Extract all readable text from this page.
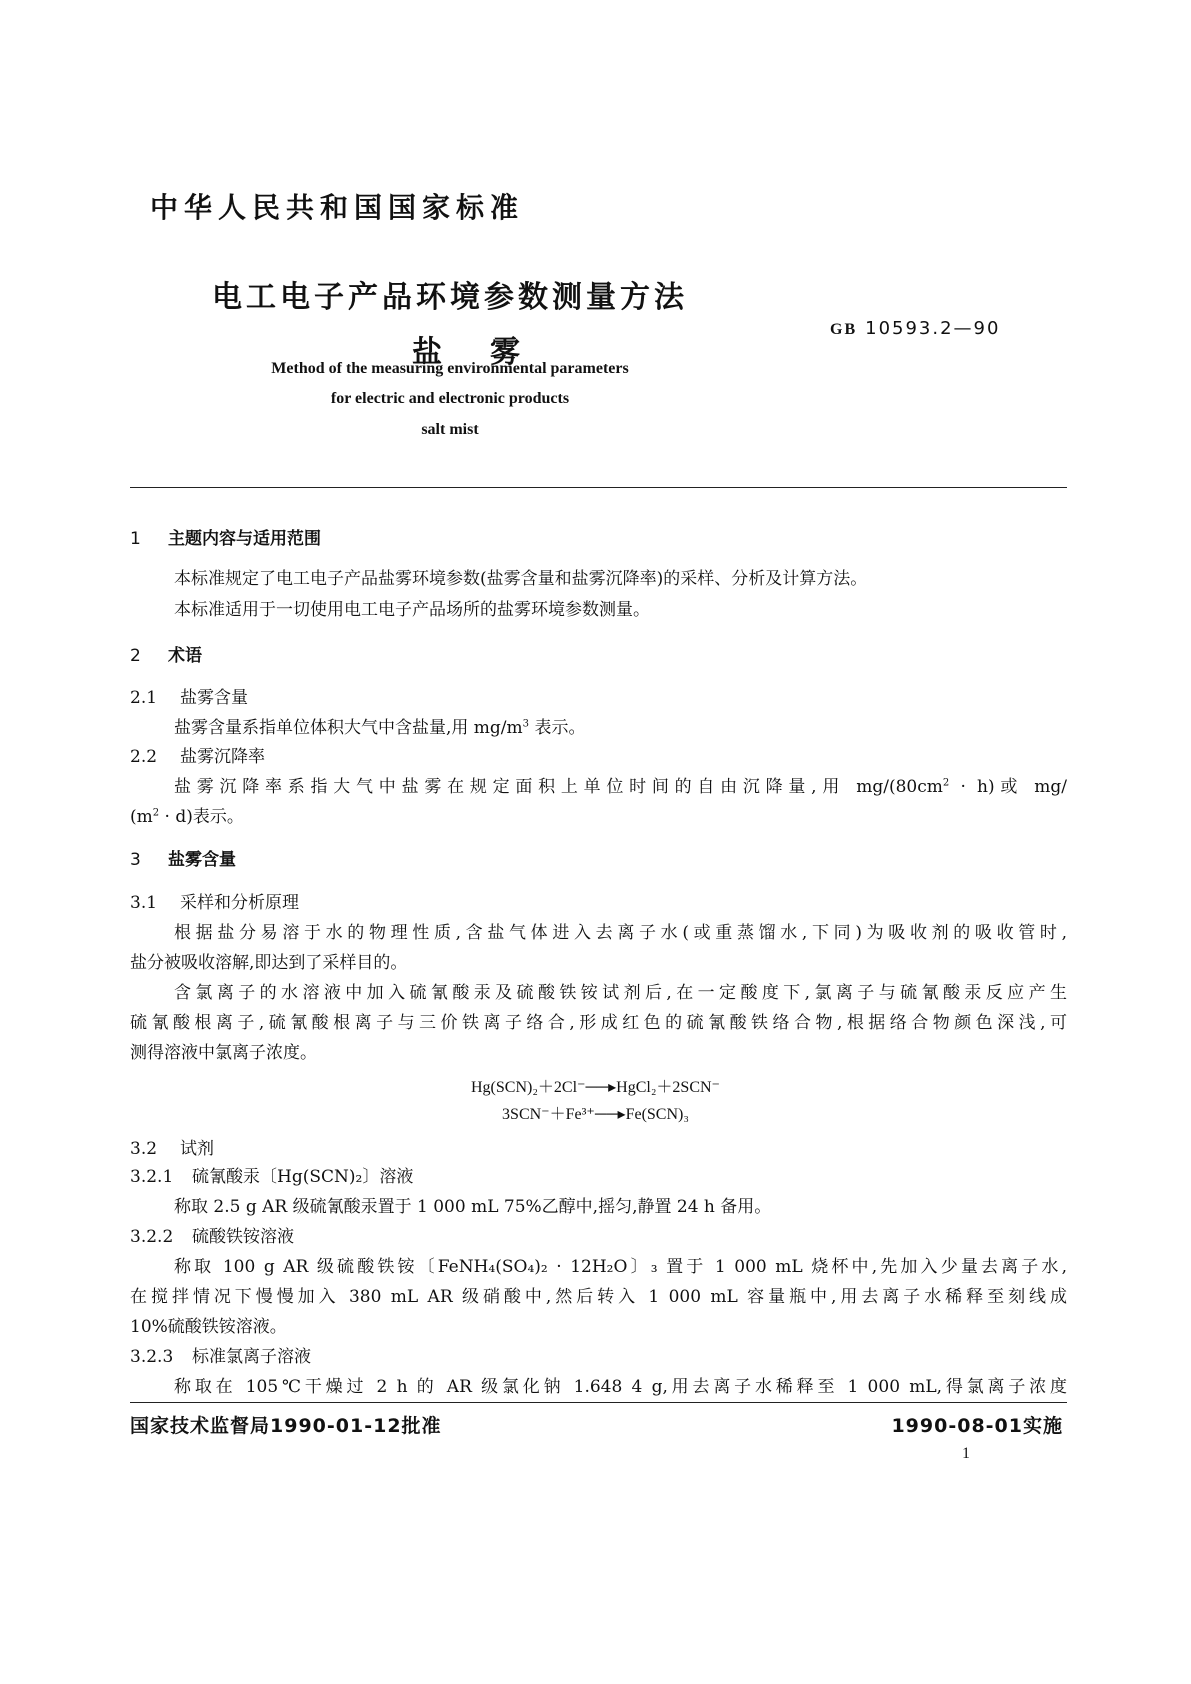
中华人民共和国国家标准
电工电子产品环境参数测量方法
盐雾
GB 10593.2—90
Method of the measuring environmental parameters
for electric and electronic products
salt mist
1 主题内容与适用范围
本标准规定了电工电子产品盐雾环境参数(盐雾含量和盐雾沉降率)的采样、分析及计算方法。
本标准适用于一切使用电工电子产品场所的盐雾环境参数测量。
2 术语
2.1 盐雾含量
盐雾含量系指单位体积大气中含盐量,用 $mg/m^3$ 表示。
2.2 盐雾沉降率
盐雾沉降率系指大气中盐雾在规定面积上单位时间的自由沉降量,用 $mg/(80cm^2 \cdot h)$或 mg/
$(m^2 \cdot d)$表示。
3 盐雾含量
3.1 采样和分析原理
根据盐分易溶于水的物理性质,含盐气体进入去离子水(或重蒸馏水,下同)为吸收剂的吸收管时,
盐分被吸收溶解,即达到了采样目的。
含氯离子的水溶液中加入硫氰酸汞及硫酸铁铵试剂后,在一定酸度下,氯离子与硫氰酸汞反应产生
硫氰酸根离子,硫氰酸根离子与三价铁离子络合,形成红色的硫氰酸铁络合物,根据络合物颜色深浅,可
测得溶液中氯离子浓度。
Hg(SCN)₂＋2Cl⁻──▸HgCl₂＋2SCN⁻
3SCN⁻＋Fe³⁺──▸Fe(SCN)₃
3.2 试剂
3.2.1 硫氰酸汞〔Hg(SCN)₂〕溶液
称取 2.5 g AR 级硫氰酸汞置于 1 000 mL 75%乙醇中,摇匀,静置 24 h 备用。
3.2.2 硫酸铁铵溶液
称取 100 g AR 级硫酸铁铵〔FeNH₄(SO₄)₂ · 12H₂O〕₃ 置于 1 000 mL 烧杯中,先加入少量去离子水,
在搅拌情况下慢慢加入 380 mL AR 级硝酸中,然后转入 1 000 mL 容量瓶中,用去离子水稀释至刻线成
10%硫酸铁铵溶液。
3.2.3 标准氯离子溶液
称取在 105℃干燥过 2 h 的 AR 级氯化钠 1.648 4 g,用去离子水稀释至 1 000 mL,得氯离子浓度
国家技术监督局1990-01-12批准	1990-08-01实施
1
